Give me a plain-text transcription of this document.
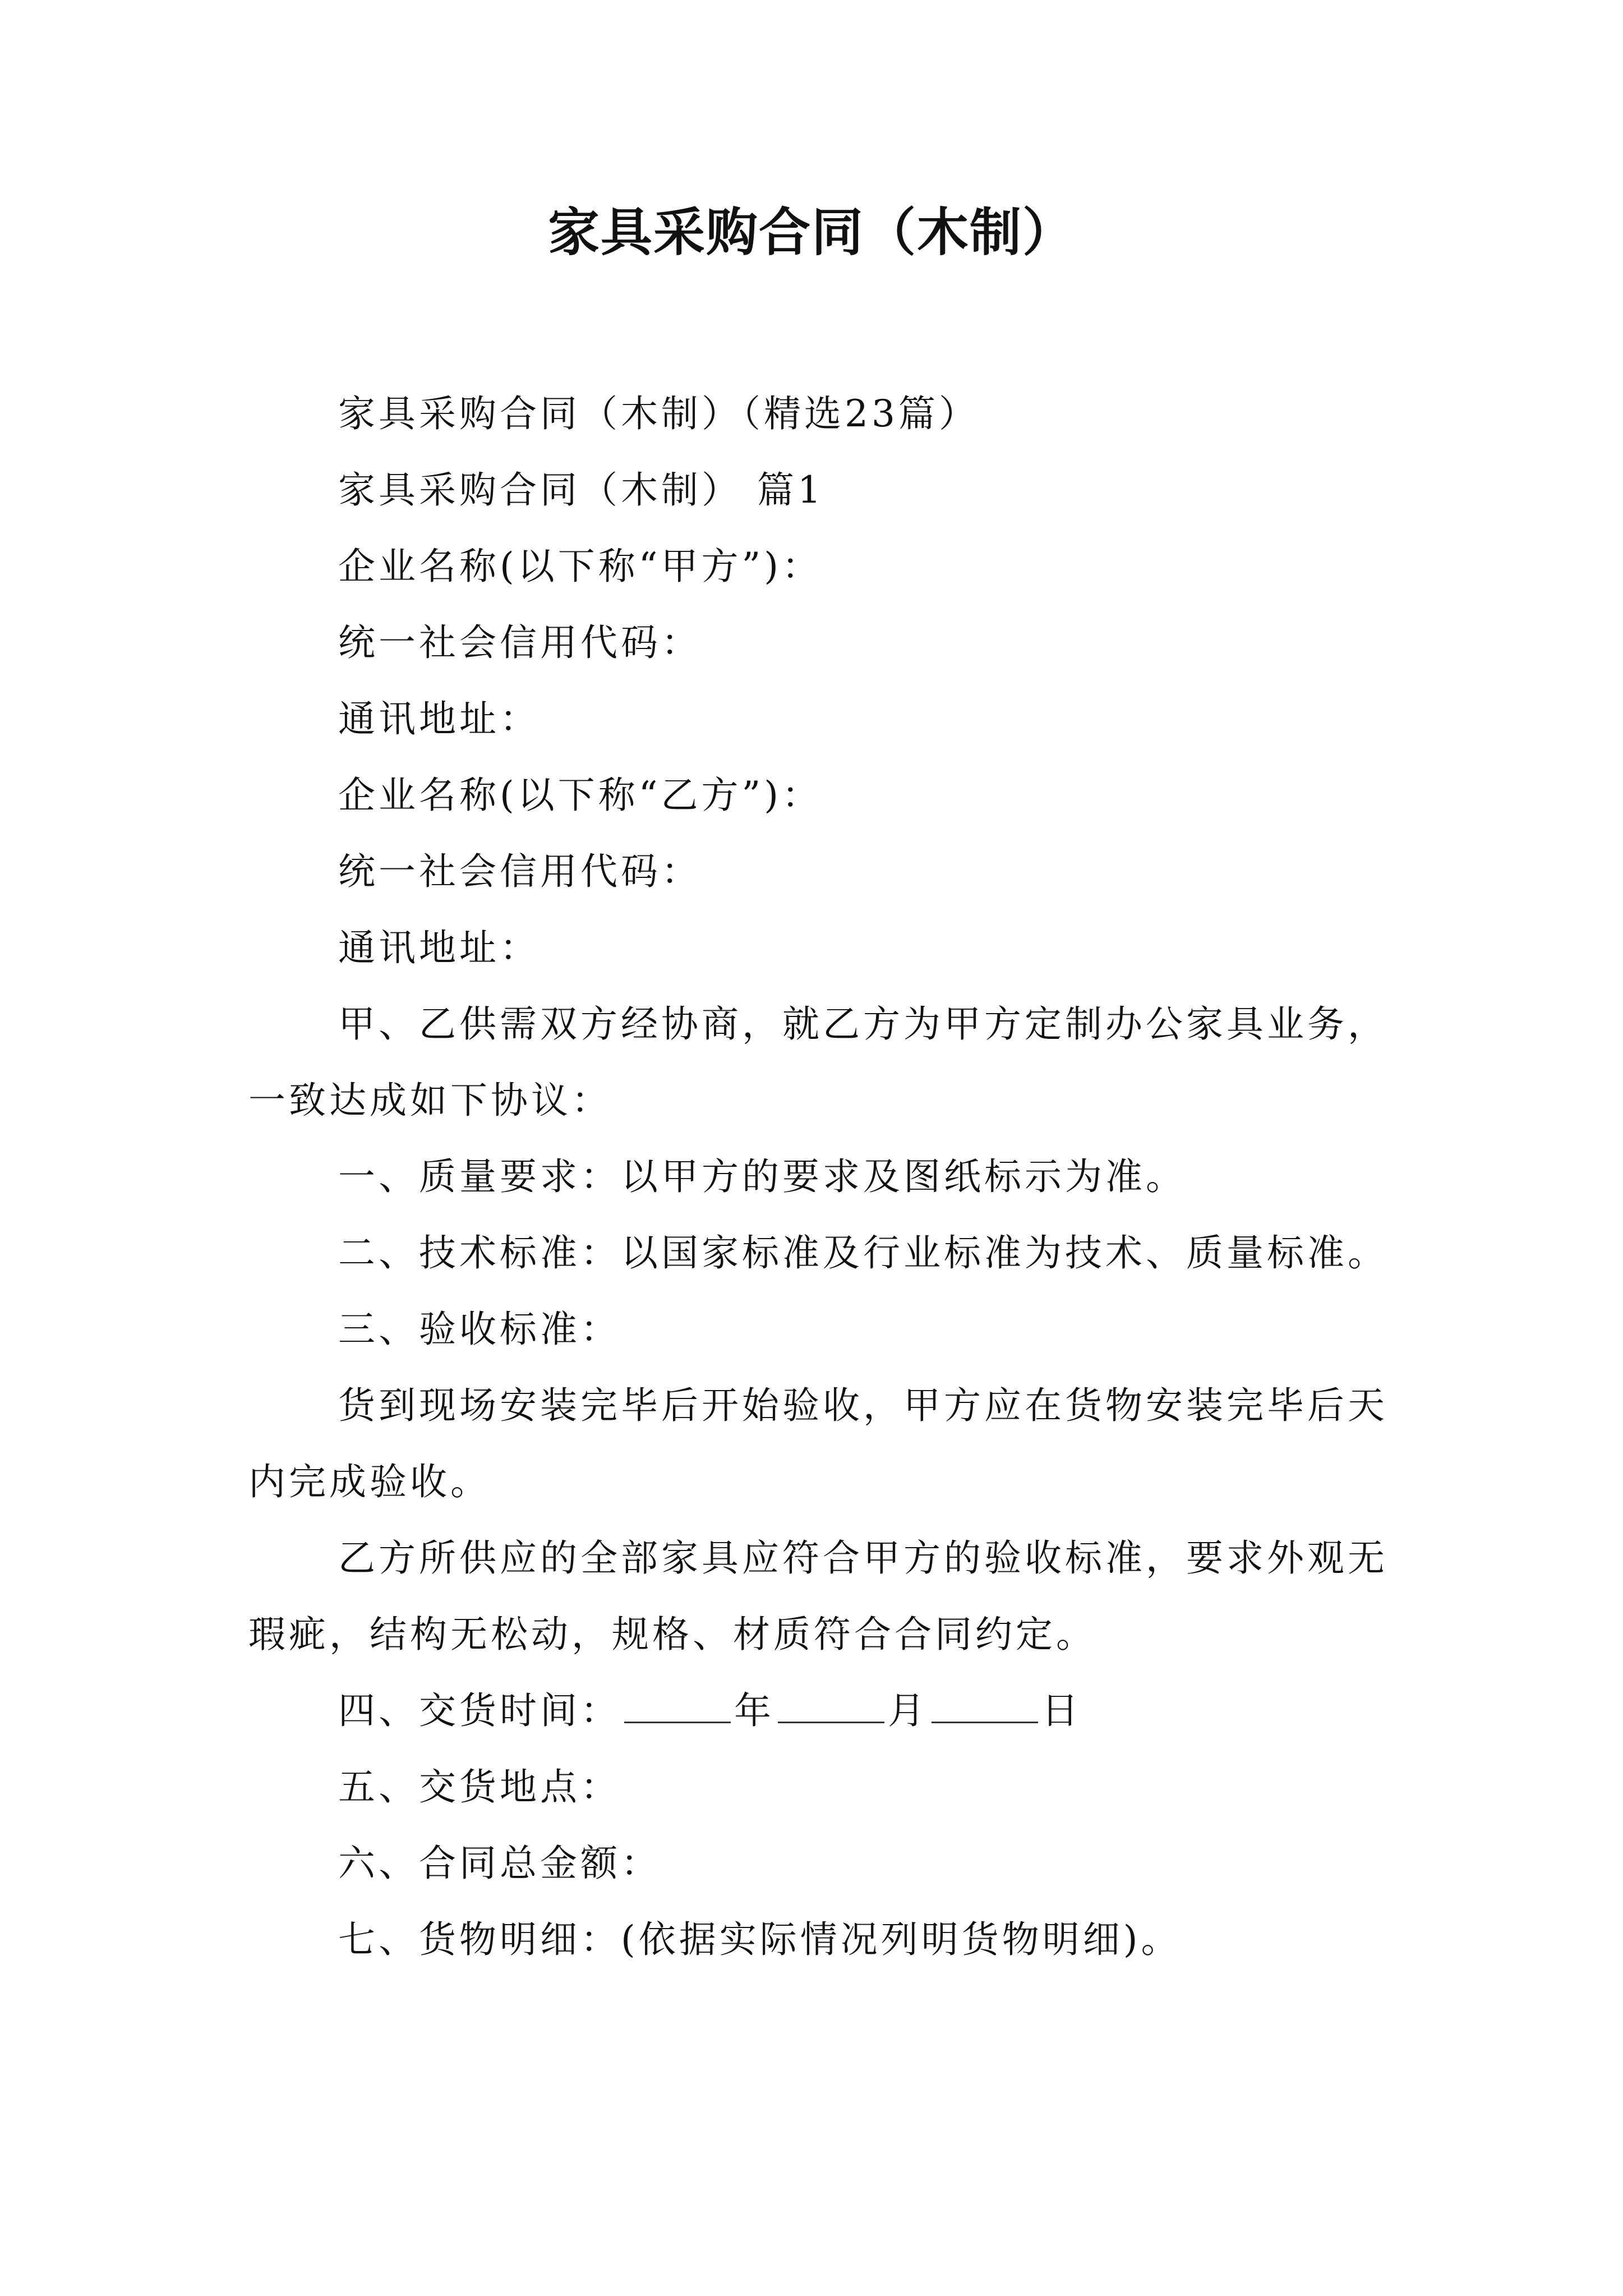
家具采购合同（木制）

家具采购合同（木制）（精选23篇）

家具采购合同（木制） 篇1

企业名称(以下称“甲方”)：

统一社会信用代码：

通讯地址：

企业名称(以下称“乙方”)：

统一社会信用代码：

通讯地址：

甲、乙供需双方经协商，就乙方为甲方定制办公家具业务，一致达成如下协议：

一、质量要求：以甲方的要求及图纸标示为准。

二、技术标准：以国家标准及行业标准为技术、质量标准。

三、验收标准：

货到现场安装完毕后开始验收，甲方应在货物安装完毕后天内完成验收。

乙方所供应的全部家具应符合甲方的验收标准，要求外观无瑕疵，结构无松动，规格、材质符合合同约定。

四、交货时间：	年	月	日

五、交货地点：

六、合同总金额：

七、货物明细：(依据实际情况列明货物明细)。
